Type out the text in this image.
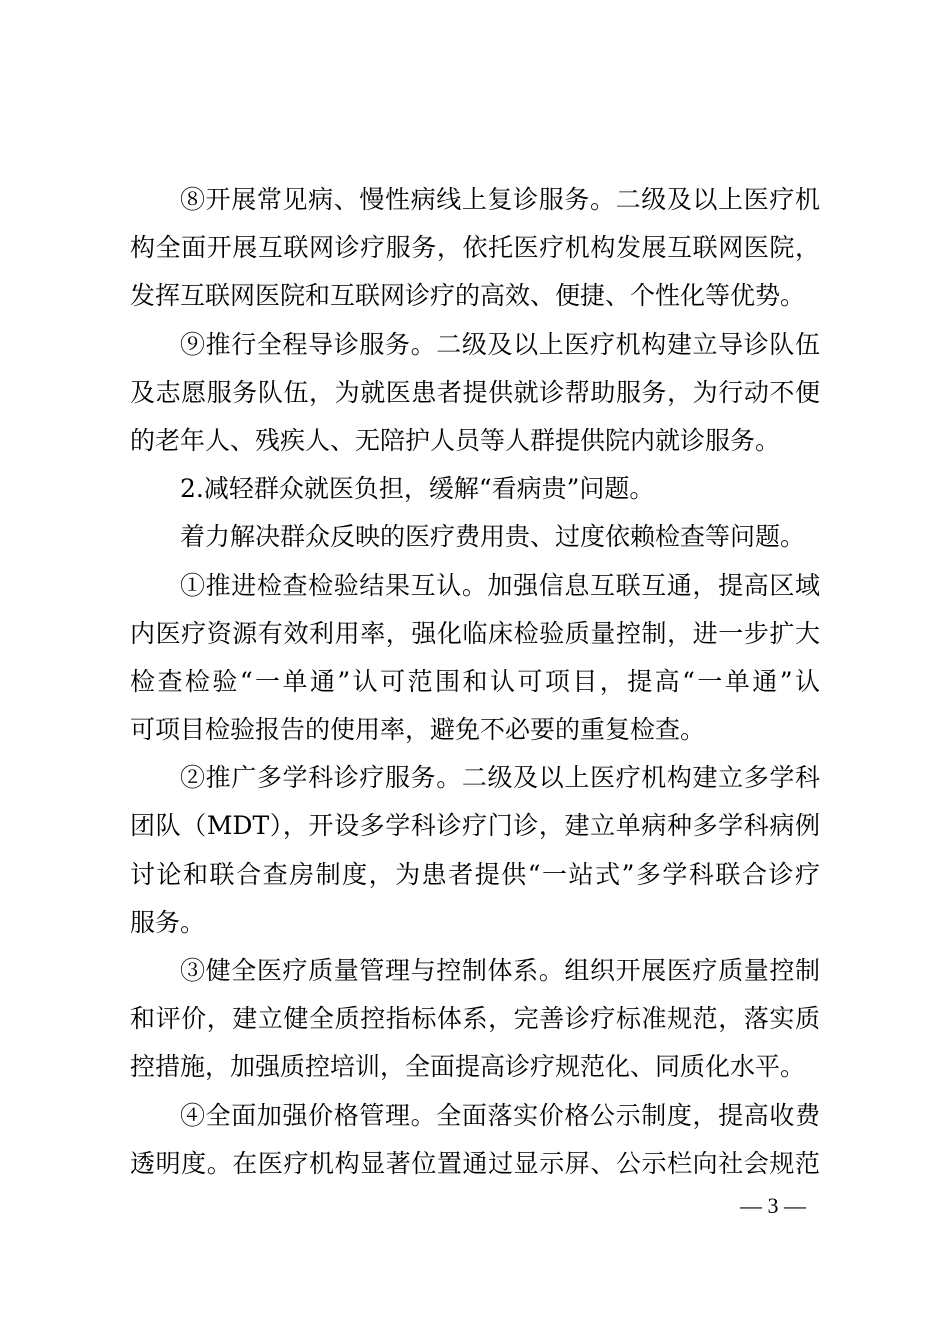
⑧开展常见病、慢性病线上复诊服务。二级及以上医疗机
构全面开展互联网诊疗服务，依托医疗机构发展互联网医院，
发挥互联网医院和互联网诊疗的高效、便捷、个性化等优势。
⑨推行全程导诊服务。二级及以上医疗机构建立导诊队伍
及志愿服务队伍，为就医患者提供就诊帮助服务，为行动不便
的老年人、残疾人、无陪护人员等人群提供院内就诊服务。
2.减轻群众就医负担，缓解“看病贵”问题。
着力解决群众反映的医疗费用贵、过度依赖检查等问题。
①推进检查检验结果互认。加强信息互联互通，提高区域
内医疗资源有效利用率，强化临床检验质量控制，进一步扩大
检查检验“一单通”认可范围和认可项目，提高“一单通”认
可项目检验报告的使用率，避免不必要的重复检查。
②推广多学科诊疗服务。二级及以上医疗机构建立多学科
团队（MDT），开设多学科诊疗门诊，建立单病种多学科病例
讨论和联合查房制度，为患者提供“一站式”多学科联合诊疗
服务。
③健全医疗质量管理与控制体系。组织开展医疗质量控制
和评价，建立健全质控指标体系，完善诊疗标准规范，落实质
控措施，加强质控培训，全面提高诊疗规范化、同质化水平。
④全面加强价格管理。全面落实价格公示制度，提高收费
透明度。在医疗机构显著位置通过显示屏、公示栏向社会规范
— 3 —
